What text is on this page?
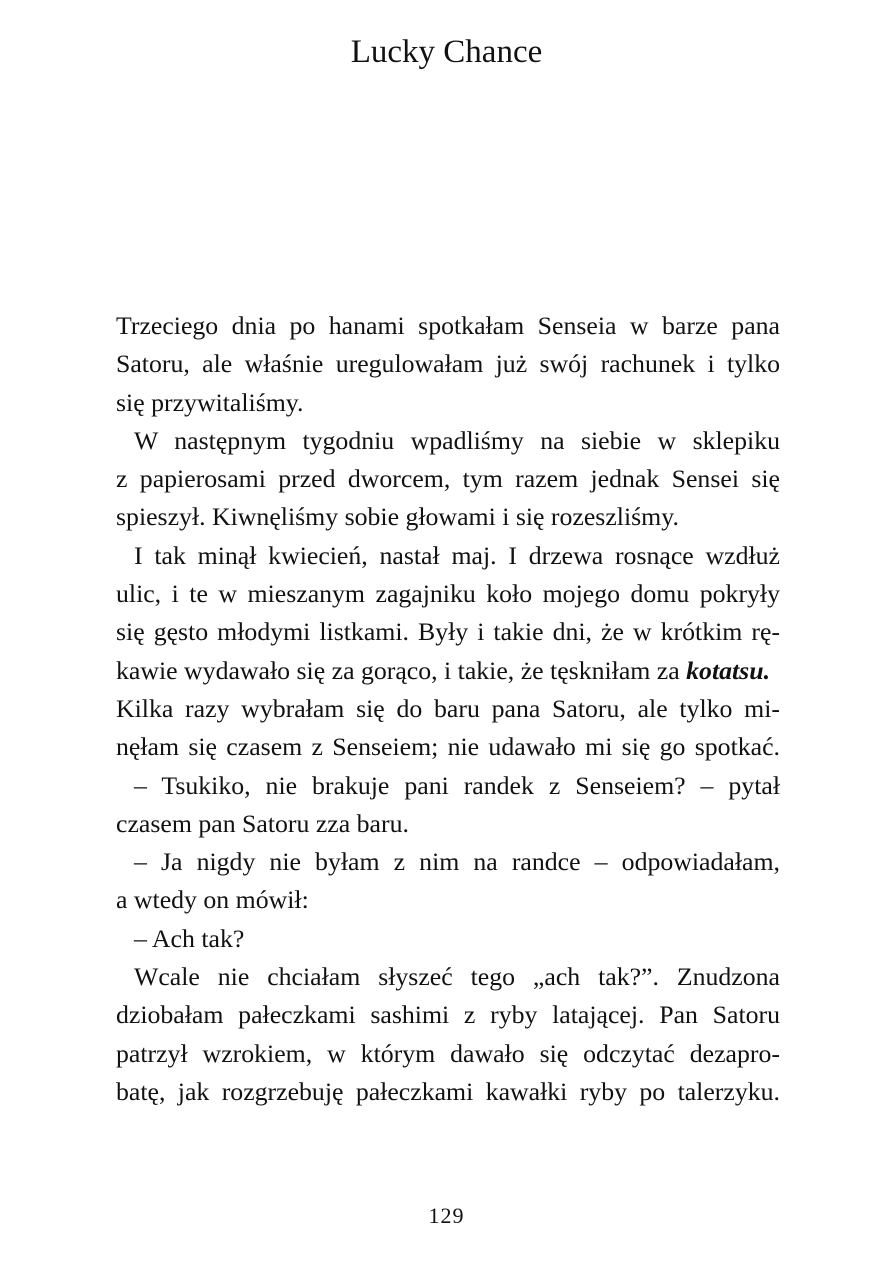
Lucky Chance
Trzeciego dnia po hanami spotkałam Senseia w barze pana
Satoru, ale właśnie uregulowałam już swój rachunek i tylko
się przywitaliśmy.
W następnym tygodniu wpadliśmy na siebie w sklepiku
z papierosami przed dworcem, tym razem jednak Sensei się
spieszył. Kiwnęliśmy sobie głowami i się rozeszliśmy.
I tak minął kwiecień, nastał maj. I drzewa rosnące wzdłuż
ulic, i te w mieszanym zagajniku koło mojego domu pokryły
się gęsto młodymi listkami. Były i takie dni, że w krótkim rę-
kawie wydawało się za gorąco, i takie, że tęskniłam za kotatsu.
Kilka razy wybrałam się do baru pana Satoru, ale tylko mi-
nęłam się czasem z Senseiem; nie udawało mi się go spotkać.
– Tsukiko, nie brakuje pani randek z Senseiem? – pytał
czasem pan Satoru zza baru.
– Ja nigdy nie byłam z nim na randce – odpowiadałam,
a wtedy on mówił:
– Ach tak?
Wcale nie chciałam słyszeć tego „ach tak?”. Znudzona
dziobałam pałeczkami sashimi z ryby latającej. Pan Satoru
patrzył wzrokiem, w którym dawało się odczytać dezapro-
batę, jak rozgrzebuję pałeczkami kawałki ryby po talerzyku.
129
